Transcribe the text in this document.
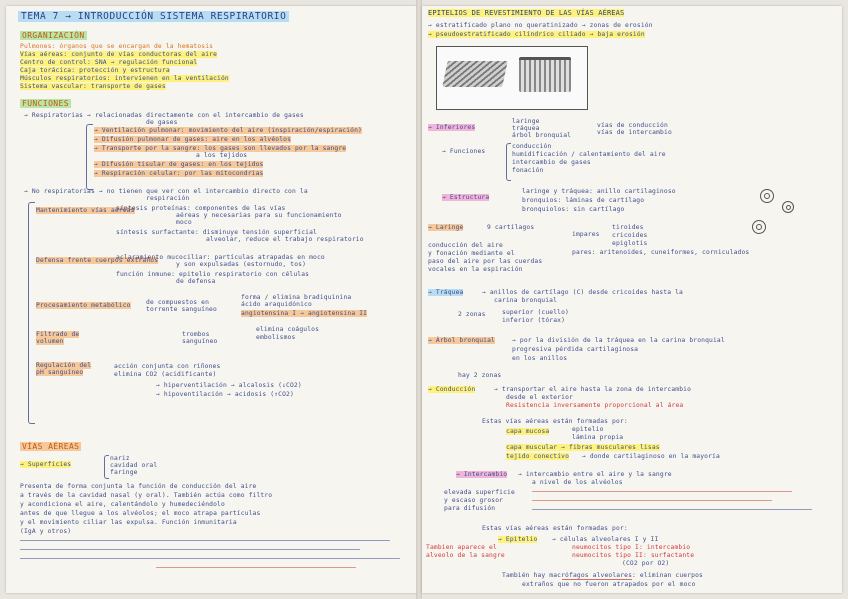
TEMA 7 → INTRODUCCIÓN SISTEMA RESPIRATORIO
ORGANIZACIÓN
Pulmones: órganos que se encargan de la hematosis
Vías aéreas: conjunto de vías conductoras del aire
Centro de control: SNA → regulación funcional
Caja torácica: protección y estructura
Músculos respiratorios: intervienen en la ventilación
Sistema vascular: transporte de gases
FUNCIONES
→ Respiratorias → relacionadas directamente con el intercambio de gases
de gases
→ Ventilación pulmonar: movimiento del aire (inspiración/espiración)
→ Difusión pulmonar de gases: aire en los alvéolos
→ Transporte por la sangre: los gases son llevados por la sangre
a los tejidos
→ Difusión tisular de gases: en los tejidos
→ Respiración celular: por las mitocondrias
→ No respiratorias → no tienen que ver con el intercambio directo con la
respiración
Mantenimiento vías aéreas
síntesis proteínas: componentes de las vías
aéreas y necesarias para su funcionamiento
moco
síntesis surfactante: disminuye tensión superficial
alveolar, reduce el trabajo respiratorio
Defensa frente cuerpos extraños
aclaramiento mucociliar: partículas atrapadas en moco
y son expulsadas (estornudo, tos)
función inmune: epitelio respiratorio con células
de defensa
Procesamiento metabólico de compuestos en
torrente sanguíneo
forma / elimina bradiquinina
ácido araquidónico
angiotensina I → angiotensina II
Filtrado de
volumen
trombos
sanguíneo
elimina coágulos
embolismos
Regulación del
pH sanguíneo
acción conjunta con riñones
elimina CO2 (acidificante)
→ hiperventilación → alcalosis (↓CO2)
→ hipoventilación → acidosis (↑CO2)
VÍAS AÉREAS
→ Superficies
nariz
cavidad oral
faringe
Presenta de forma conjunta la función de conducción del aire
a través de la cavidad nasal (y oral). También actúa como filtro
y acondiciona el aire, calentándolo y humedeciéndolo
antes de que llegue a los alvéolos; el moco atrapa partículas
y el movimiento ciliar las expulsa. Función inmunitaria
(IgA y otros)
EPITELIOS DE REVESTIMIENTO DE LAS VÍAS AÉREAS
→ estratificado plano no queratinizado → zonas de erosión
→ pseudoestratificado cilíndrico ciliado → baja erosión
→ Inferiores
laringe
tráquea
árbol bronquial
vías de conducción
vías de intercambio
→ Funciones
conducción
humidificación / calentamiento del aire
intercambio de gases
fonación
→ Estructura
laringe y tráquea: anillo cartilaginoso
bronquios: láminas de cartílago
bronquiolos: sin cartílago
→ Laringe	9 cartílagos
impares
tiroides
cricoides
epiglotis
pares: aritenoides, cuneiformes, corniculados
conducción del aire
y fonación mediante el
paso del aire por las cuerdas
vocales en la espiración
→ Tráquea	→ anillos de cartílago (C) desde cricoides hasta la
carina bronquial
2 zonas	superior (cuello)
inferior (tórax)
→ Árbol bronquial	→ por la división de la tráquea en la carina bronquial
progresiva pérdida cartilaginosa
en los anillos
hay 2 zonas
→ Conducción	→ transportar el aire hasta la zona de intercambio
desde el exterior
Resistencia inversamente proporcional al área
Estas vías aéreas están formadas por:
capa mucosa	epitelio
lámina propia
capa muscular → fibras musculares lisas
tejido conectivo → donde cartilaginoso en la mayoría
→ Intercambio → intercambio entre el aire y la sangre
a nivel de los alvéolos
elevada superficie
y escaso grosor
para difusión
Estas vías aéreas están formadas por:
→ Epitelio → células alveolares I y II
neumocitos tipo I: intercambio
neumocitos tipo II: surfactante
(CO2 por O2)
Tambien aparece el
alveolo de la sangre
También hay macrófagos alveolares: eliminan cuerpos
extraños que no fueron atrapados por el moco
